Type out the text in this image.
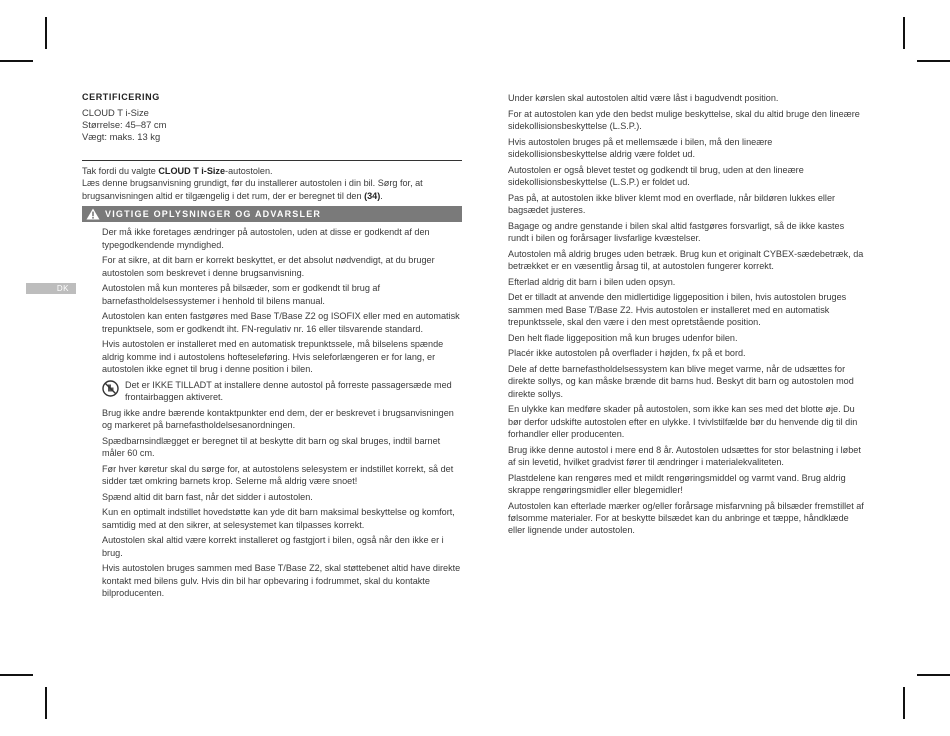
DK

CERTIFICERING

CLOUD T i-Size

Størrelse: 45–87 cm

Vægt: maks. 13 kg

Tak fordi du valgte CLOUD T i-Size-autostolen.

Læs denne brugsanvisning grundigt, før du installerer autostolen i din bil. Sørg for, at brugsanvisningen altid er tilgængelig i det rum, der er beregnet til den (34).

VIGTIGE OPLYSNINGER OG ADVARSLER

Der må ikke foretages ændringer på autostolen, uden at disse er godkendt af den typegodkendende myndighed.

For at sikre, at dit barn er korrekt beskyttet, er det absolut nødvendigt, at du bruger autostolen som beskrevet i denne brugsanvisning.

Autostolen må kun monteres på bilsæder, som er godkendt til brug af barnefastholdelsessystemer i henhold til bilens manual.

Autostolen kan enten fastgøres med Base T/Base Z2 og ISOFIX eller med en automatisk trepunktsele, som er godkendt iht. FN-regulativ nr. 16 eller tilsvarende standard.

Hvis autostolen er installeret med en automatisk trepunktssele, må bilselens spænde aldrig komme ind i autostolens hofteseleføring. Hvis seleforlængeren er for lang, er autostolen ikke egnet til brug i denne position i bilen.

Det er IKKE TILLADT at installere denne autostol på forreste passagersæde med frontairbaggen aktiveret.

Brug ikke andre bærende kontaktpunkter end dem, der er beskrevet i brugsanvisningen og markeret på barnefastholdelsesanordningen.

Spædbarnsindlægget er beregnet til at beskytte dit barn og skal bruges, indtil barnet måler 60 cm.

Før hver køretur skal du sørge for, at autostolens selesystem er indstillet korrekt, så det sidder tæt omkring barnets krop. Selerne må aldrig være snoet!

Spænd altid dit barn fast, når det sidder i autostolen.

Kun en optimalt indstillet hovedstøtte kan yde dit barn maksimal beskyttelse og komfort, samtidig med at den sikrer, at selesystemet kan tilpasses korrekt.

Autostolen skal altid være korrekt installeret og fastgjort i bilen, også når den ikke er i brug.

Hvis autostolen bruges sammen med Base T/Base Z2, skal støttebenet altid have direkte kontakt med bilens gulv. Hvis din bil har opbevaring i fodrummet, skal du kontakte bilproducenten.

Under kørslen skal autostolen altid være låst i bagudvendt position.

For at autostolen kan yde den bedst mulige beskyttelse, skal du altid bruge den lineære sidekollisionsbeskyttelse (L.S.P.).

Hvis autostolen bruges på et mellemsæde i bilen, må den lineære sidekollisionsbeskyttelse aldrig være foldet ud.

Autostolen er også blevet testet og godkendt til brug, uden at den lineære sidekollisionsbeskyttelse (L.S.P.) er foldet ud.

Pas på, at autostolen ikke bliver klemt mod en overflade, når bildøren lukkes eller bagsædet justeres.

Bagage og andre genstande i bilen skal altid fastgøres forsvarligt, så de ikke kastes rundt i bilen og forårsager livsfarlige kvæstelser.

Autostolen må aldrig bruges uden betræk. Brug kun et originalt CYBEX-sædebetræk, da betrækket er en væsentlig årsag til, at autostolen fungerer korrekt.

Efterlad aldrig dit barn i bilen uden opsyn.

Det er tilladt at anvende den midlertidige liggeposition i bilen, hvis autostolen bruges sammen med Base T/Base Z2. Hvis autostolen er installeret med en automatisk trepunktssele, skal den være i den mest opretstående position.

Den helt flade liggeposition må kun bruges udenfor bilen.

Placér ikke autostolen på overflader i højden, fx på et bord.

Dele af dette barnefastholdelsessystem kan blive meget varme, når de udsættes for direkte sollys, og kan måske brænde dit barns hud. Beskyt dit barn og autostolen mod direkte sollys.

En ulykke kan medføre skader på autostolen, som ikke kan ses med det blotte øje. Du bør derfor udskifte autostolen efter en ulykke. I tvivlstilfælde bør du henvende dig til din forhandler eller producenten.

Brug ikke denne autostol i mere end 8 år. Autostolen udsættes for stor belastning i løbet af sin levetid, hvilket gradvist fører til ændringer i materialekvaliteten.

Plastdelene kan rengøres med et mildt rengøringsmiddel og varmt vand. Brug aldrig skrappe rengøringsmidler eller blegemidler!

Autostolen kan efterlade mærker og/eller forårsage misfarvning på bilsæder fremstillet af følsomme materialer. For at beskytte bilsædet kan du anbringe et tæppe, håndklæde eller lignende under autostolen.
